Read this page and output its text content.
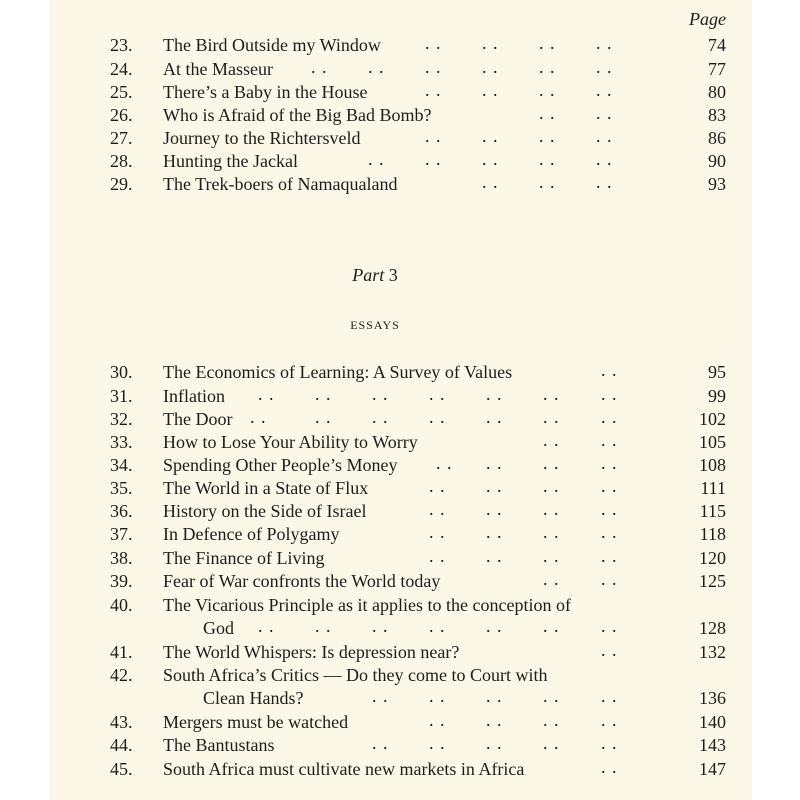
Page
23.	The Bird Outside my Window . . . . . . . .	74
24.	At the Masseur . . . . . . . . . . . .	77
25.	There’s a Baby in the House	. . . . . . . .	80
26.	Who is Afraid of the Big Bad Bomb?	. . . .	83
27.	Journey to the Richtersveld	. . . . . . . .	86
28.	Hunting the Jackal	. . . . . . . . . .	90
29.	The Trek-boers of Namaqualand	. . . . . .	93
Part 3
ESSAYS
30.	The Economics of Learning: A Survey of Values	. .	95
31.	Inflation . . . . . . . . . . . . . .	99
32.	The Door . .	. . . . . . . . . . . .	102
33.	How to Lose Your Ability to Worry	. . . .	105
34.	Spending Other People’s Money . . . . . . . .	108
35.	The World in a State of Flux	. . . . . . . .	111
36.	History on the Side of Israel	. . . . . . . .	115
37.	In Defence of Polygamy	. . . . . . . .	118
38.	The Finance of Living	. . . . . . . .	120
39.	Fear of War confronts the World today	. . . .	125
40.	The Vicarious Principle as it applies to the conception of
God . . . . . . . . . . . . . .	128
41.	The World Whispers: Is depression near?	. .	132
42.	South Africa’s Critics — Do they come to Court with
Clean Hands?	. . . . . . . . . .	136
43.	Mergers must be watched	. . . . . . . .	140
44.	The Bantustans	. . . . . . . . . .	143
45.	South Africa must cultivate new markets in Africa	. .	147
